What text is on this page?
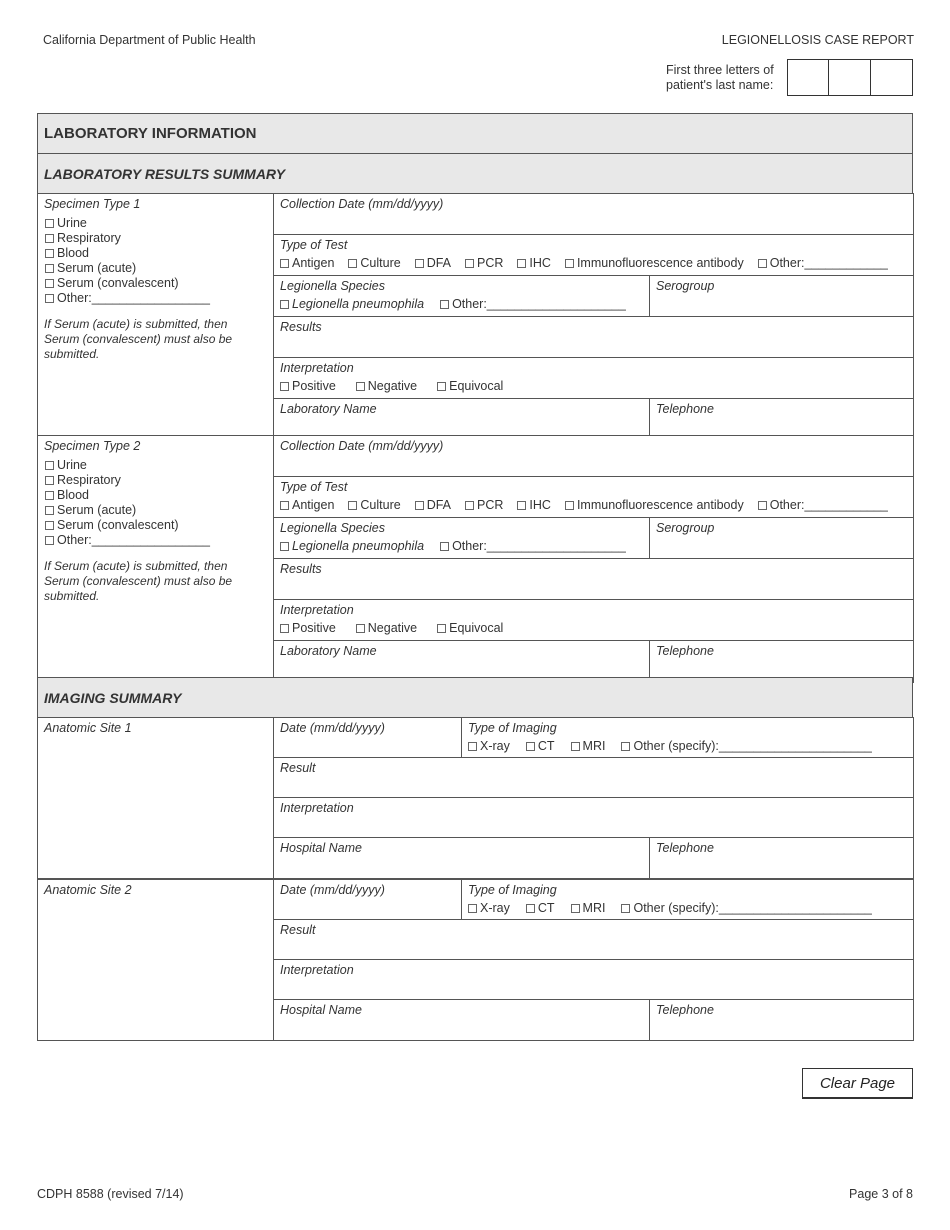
California Department of Public Health	LEGIONELLOSIS CASE REPORT
First three letters of
patient's last name:
LABORATORY INFORMATION
LABORATORY RESULTS SUMMARY
Specimen Type 1
Urine
Respiratory
Blood
Serum (acute)
Serum (convalescent)
Other:_________________
If Serum (acute) is submitted, then Serum (convalescent) must also be submitted.
Collection Date (mm/dd/yyyy)
Type of Test
Antigen Culture DFA PCR IHC Immunofluorescence antibody Other:____________
Legionella Species
Legionella pneumophila Other:____________________
Serogroup
Results
Interpretation
Positive	Negative	Equivocal
Laboratory Name	Telephone
Specimen Type 2
Urine
Respiratory
Blood
Serum (acute)
Serum (convalescent)
Other:_________________
If Serum (acute) is submitted, then Serum (convalescent) must also be submitted.
Collection Date (mm/dd/yyyy)
Type of Test
Antigen Culture DFA PCR IHC Immunofluorescence antibody Other:____________
Legionella Species
Legionella pneumophila Other:____________________
Serogroup
Results
Interpretation
Positive	Negative	Equivocal
Laboratory Name	Telephone
IMAGING SUMMARY
Anatomic Site 1	Date (mm/dd/yyyy)	Type of Imaging
X-ray CT MRI Other (specify):______________________
Result
Interpretation
Hospital Name	Telephone
Anatomic Site 2	Date (mm/dd/yyyy)	Type of Imaging
X-ray CT MRI Other (specify):______________________
Result
Interpretation
Hospital Name	Telephone
Clear Page
CDPH 8588 (revised 7/14)	Page 3 of 8
